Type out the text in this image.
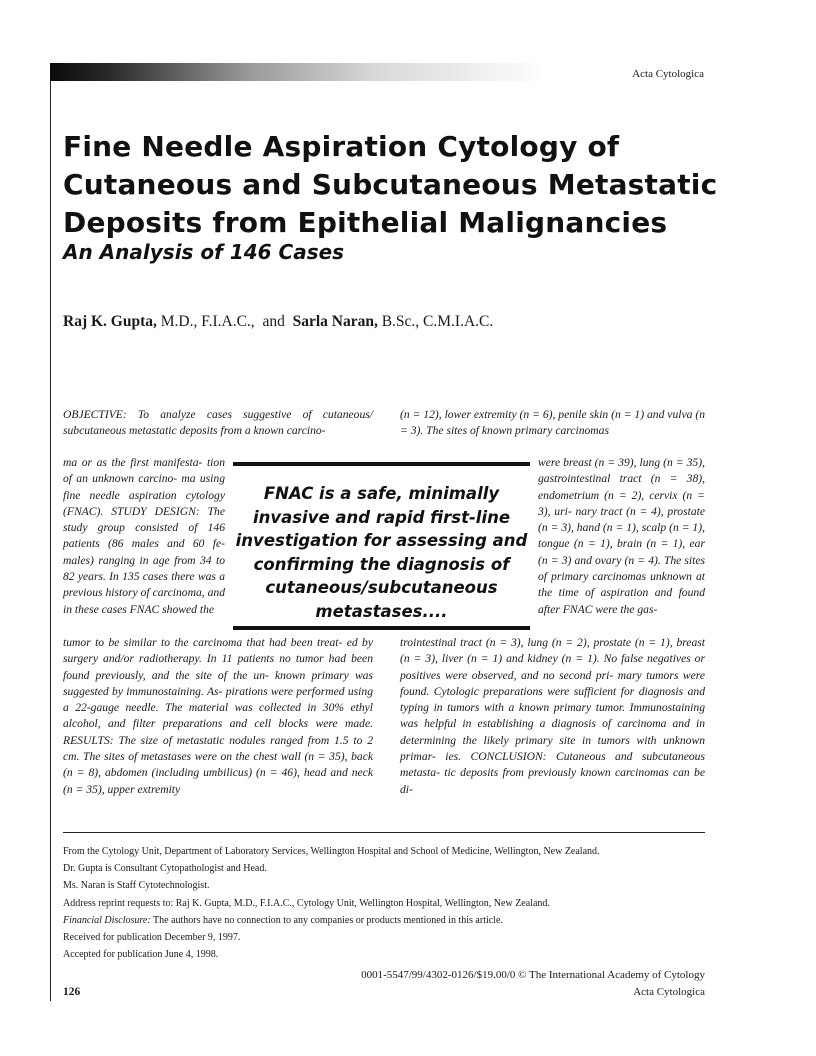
Acta Cytologica
Fine Needle Aspiration Cytology of Cutaneous and Subcutaneous Metastatic Deposits from Epithelial Malignancies
An Analysis of 146 Cases
Raj K. Gupta, M.D., F.I.A.C., and Sarla Naran, B.Sc., C.M.I.A.C.
OBJECTIVE: To analyze cases suggestive of cutaneous/ subcutaneous metastatic deposits from a known carcino-
ma or as the first manifesta- tion of an unknown carcino- ma using fine needle aspiration cytology (FNAC). STUDY DESIGN: The study group consisted of 146 patients (86 males and 60 fe- males) ranging in age from 34 to 82 years. In 135 cases there was a previous history of carcinoma, and in these cases FNAC showed the
tumor to be similar to the carcinoma that had been treat- ed by surgery and/or radiotherapy. In 11 patients no tumor had been found previously, and the site of the un- known primary was suggested by immunostaining. As- pirations were performed using a 22-gauge needle. The material was collected in 30% ethyl alcohol, and filter preparations and cell blocks were made. RESULTS: The size of metastatic nodules ranged from 1.5 to 2 cm. The sites of metastases were on the chest wall (n = 35), back (n = 8), abdomen (including umbilicus) (n = 46), head and neck (n = 35), upper extremity
(n = 12), lower extremity (n = 6), penile skin (n = 1) and vulva (n = 3). The sites of known primary carcinomas
were breast (n = 39), lung (n = 35), gastrointestinal tract (n = 38), endometrium (n = 2), cervix (n = 3), uri- nary tract (n = 4), prostate (n = 3), hand (n = 1), scalp (n = 1), tongue (n = 1), brain (n = 1), ear (n = 3) and ovary (n = 4). The sites of primary carcinomas unknown at the time of aspiration and found after FNAC were the gas-
trointestinal tract (n = 3), lung (n = 2), prostate (n = 1), breast (n = 3), liver (n = 1) and kidney (n = 1). No false negatives or positives were observed, and no second pri- mary tumors were found. Cytologic preparations were sufficient for diagnosis and typing in tumors with a known primary tumor. Immunostaining was helpful in establishing a diagnosis of carcinoma and in determining the likely primary site in tumors with unknown primar- ies. CONCLUSION: Cutaneous and subcutaneous metasta- tic deposits from previously known carcinomas can be di-
FNAC is a safe, minimally invasive and rapid first-line investigation for assessing and confirming the diagnosis of cutaneous/subcutaneous metastases....
From the Cytology Unit, Department of Laboratory Services, Wellington Hospital and School of Medicine, Wellington, New Zealand.
Dr. Gupta is Consultant Cytopathologist and Head.
Ms. Naran is Staff Cytotechnologist.
Address reprint requests to: Raj K. Gupta, M.D., F.I.A.C., Cytology Unit, Wellington Hospital, Wellington, New Zealand.
Financial Disclosure: The authors have no connection to any companies or products mentioned in this article.
Received for publication December 9, 1997.
Accepted for publication June 4, 1998.
0001-5547/99/4302-0126/$19.00/0 © The International Academy of Cytology
126	Acta Cytologica
